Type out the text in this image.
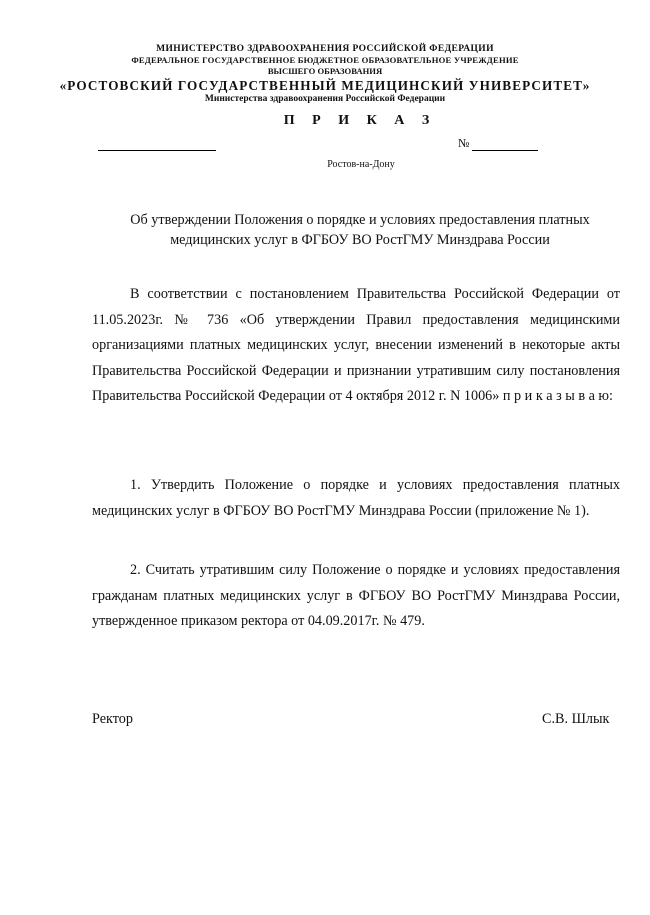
МИНИСТЕРСТВО ЗДРАВООХРАНЕНИЯ РОССИЙСКОЙ ФЕДЕРАЦИИ
ФЕДЕРАЛЬНОЕ ГОСУДАРСТВЕННОЕ БЮДЖЕТНОЕ ОБРАЗОВАТЕЛЬНОЕ УЧРЕЖДЕНИЕ
ВЫСШЕГО ОБРАЗОВАНИЯ
«РОСТОВСКИЙ ГОСУДАРСТВЕННЫЙ МЕДИЦИНСКИЙ УНИВЕРСИТЕТ»
Министерства здравоохранения Российской Федерации
П Р И К А З
№
Ростов-на-Дону
Об утверждении Положения о порядке и условиях предоставления платных медицинских услуг в ФГБОУ ВО РостГМУ Минздрава России
В соответствии с постановлением Правительства Российской Федерации от 11.05.2023г. № 736 «Об утверждении Правил предоставления медицинскими организациями платных медицинских услуг, внесении изменений в некоторые акты Правительства Российской Федерации и признании утратившим силу постановления Правительства Российской Федерации от 4 октября 2012 г. N 1006» п р и к а з ы в а ю:
1. Утвердить Положение о порядке и условиях предоставления платных медицинских услуг в ФГБОУ ВО РостГМУ Минздрава России (приложение № 1).
2. Считать утратившим силу Положение о порядке и условиях предоставления гражданам платных медицинских услуг в ФГБОУ ВО РостГМУ Минздрава России, утвержденное приказом ректора от 04.09.2017г. № 479.
Ректор	С.В. Шлык
